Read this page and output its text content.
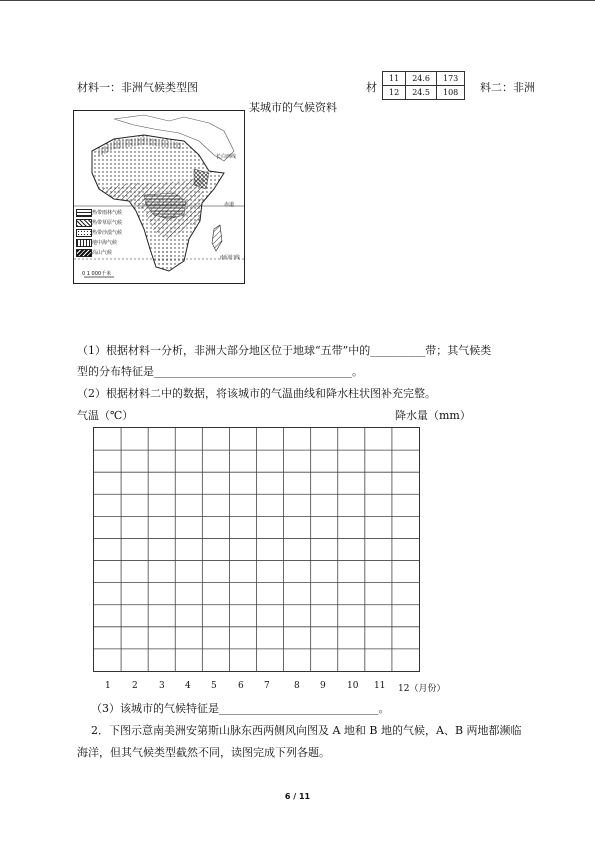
材料一：非洲气候类型图	材
11	24.6	173
12	24.5	108 料二：非洲
某城市的气候资料
长白西线
赤道
南回归线
0 1 000千米
热带雨林气候
热带草原气候
热带沙漠气候
地中海气候
高山气候
（1）根据材料一分析，非洲大部分地区位于地球“五带”中的__________带；其气候类
型的分布特征是____________________________________。
（2）根据材料二中的数据，将该城市的气温曲线和降水柱状图补充完整。
气温（℃）	降水量（mm）
1 2 3 4 5 6 7	8 9 10 11 12（月份）
（3）该城市的气候特征是_____________________________。
2．下图示意南美洲安第斯山脉东西两侧风向图及 A 地和 B 地的气候，A、B 两地都濒临
海洋，但其气候类型截然不同，读图完成下列各题。
6 / 11
